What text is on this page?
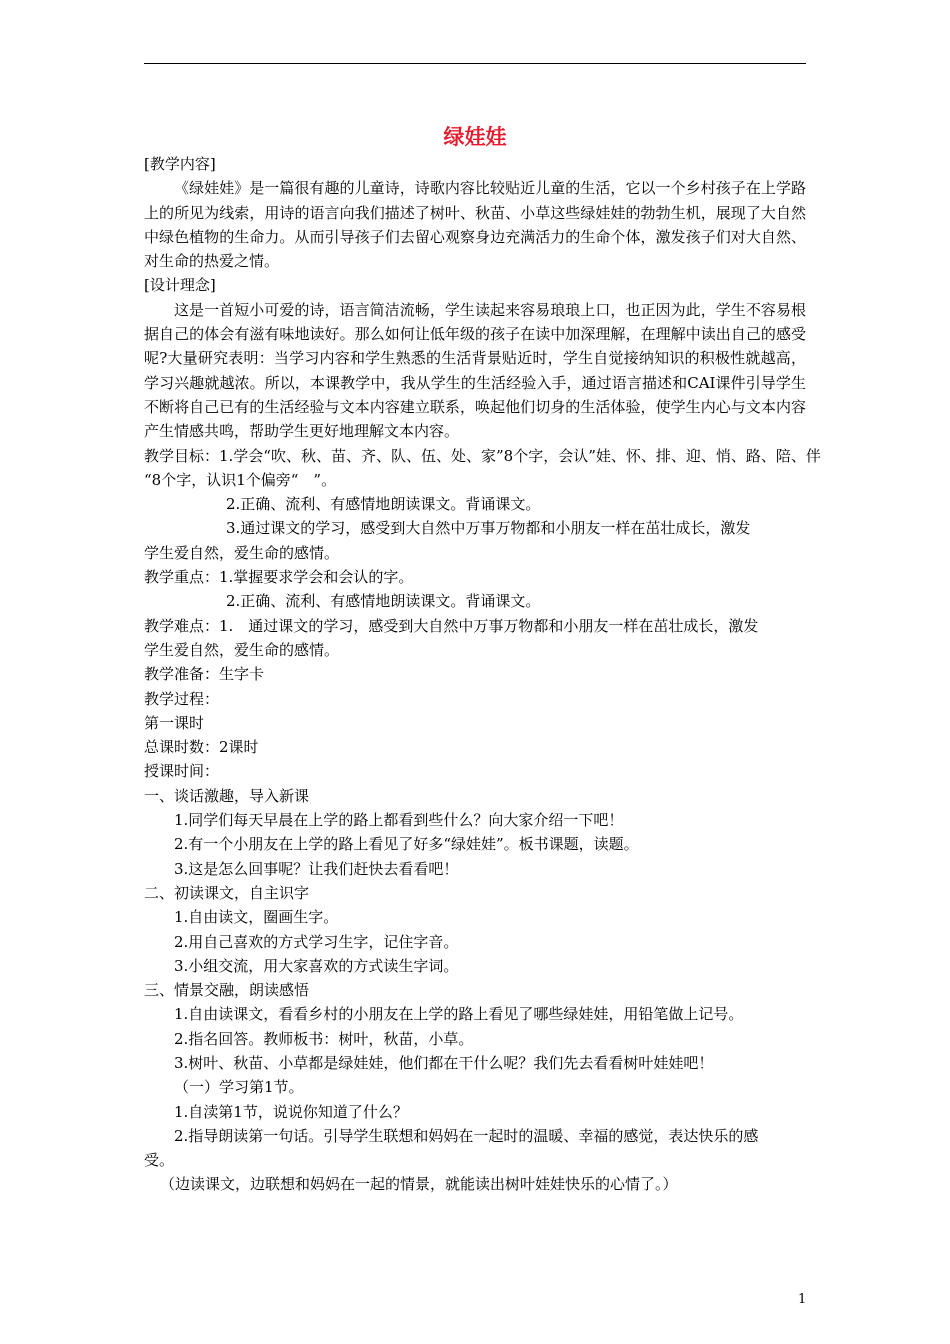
绿娃娃

[教学内容]

《绿娃娃》是一篇很有趣的儿童诗，诗歌内容比较贴近儿童的生活，它以一个乡村孩子在上学路上的所见为线索，用诗的语言向我们描述了树叶、秋苗、小草这些绿娃娃的勃勃生机，展现了大自然中绿色植物的生命力。从而引导孩子们去留心观察身边充满活力的生命个体，激发孩子们对大自然、对生命的热爱之情。

[设计理念]

这是一首短小可爱的诗，语言简洁流畅，学生读起来容易琅琅上口，也正因为此，学生不容易根据自己的体会有滋有味地读好。那么如何让低年级的孩子在读中加深理解，在理解中读出自己的感受呢?大量研究表明：当学习内容和学生熟悉的生活背景贴近时，学生自觉接纳知识的积极性就越高，学习兴趣就越浓。所以，本课教学中，我从学生的生活经验入手，通过语言描述和CAI课件引导学生不断将自己已有的生活经验与文本内容建立联系，唤起他们切身的生活体验，使学生内心与文本内容产生情感共鸣，帮助学生更好地理解文本内容。

教学目标：1.学会“吹、秋、苗、齐、队、伍、处、家”8个字，会认”娃、怀、排、迎、悄、路、陪、伴

“8个字，认识1个偏旁“　”。

2.正确、流利、有感情地朗读课文。背诵课文。

3.通过课文的学习，感受到大自然中万事万物都和小朋友一样在茁壮成长，激发

学生爱自然，爱生命的感情。

教学重点：1.掌握要求学会和会认的字。

2.正确、流利、有感情地朗读课文。背诵课文。

教学难点：1.　通过课文的学习，感受到大自然中万事万物都和小朋友一样在茁壮成长，激发

学生爱自然，爱生命的感情。

教学准备：生字卡

教学过程：

第一课时

总课时数：2课时

授课时间：

一、谈话激趣，导入新课

1.同学们每天早晨在上学的路上都看到些什么？向大家介绍一下吧！

2.有一个小朋友在上学的路上看见了好多“绿娃娃”。板书课题，读题。

3.这是怎么回事呢？让我们赶快去看看吧！

二、初读课文，自主识字

1.自由读文，圈画生字。

2.用自己喜欢的方式学习生字，记住字音。

3.小组交流，用大家喜欢的方式读生字词。

三、情景交融，朗读感悟

1.自由读课文，看看乡村的小朋友在上学的路上看见了哪些绿娃娃，用铅笔做上记号。

2.指名回答。教师板书：树叶，秋苗，小草。

3.树叶、秋苗、小草都是绿娃娃，他们都在干什么呢？我们先去看看树叶娃娃吧！

（一）学习第1节。

1.自渎第1节，说说你知道了什么？

2.指导朗读第一句话。引导学生联想和妈妈在一起时的温暖、幸福的感觉，表达快乐的感

受。

（边读课文，边联想和妈妈在一起的情景，就能读出树叶娃娃快乐的心情了。）

1
